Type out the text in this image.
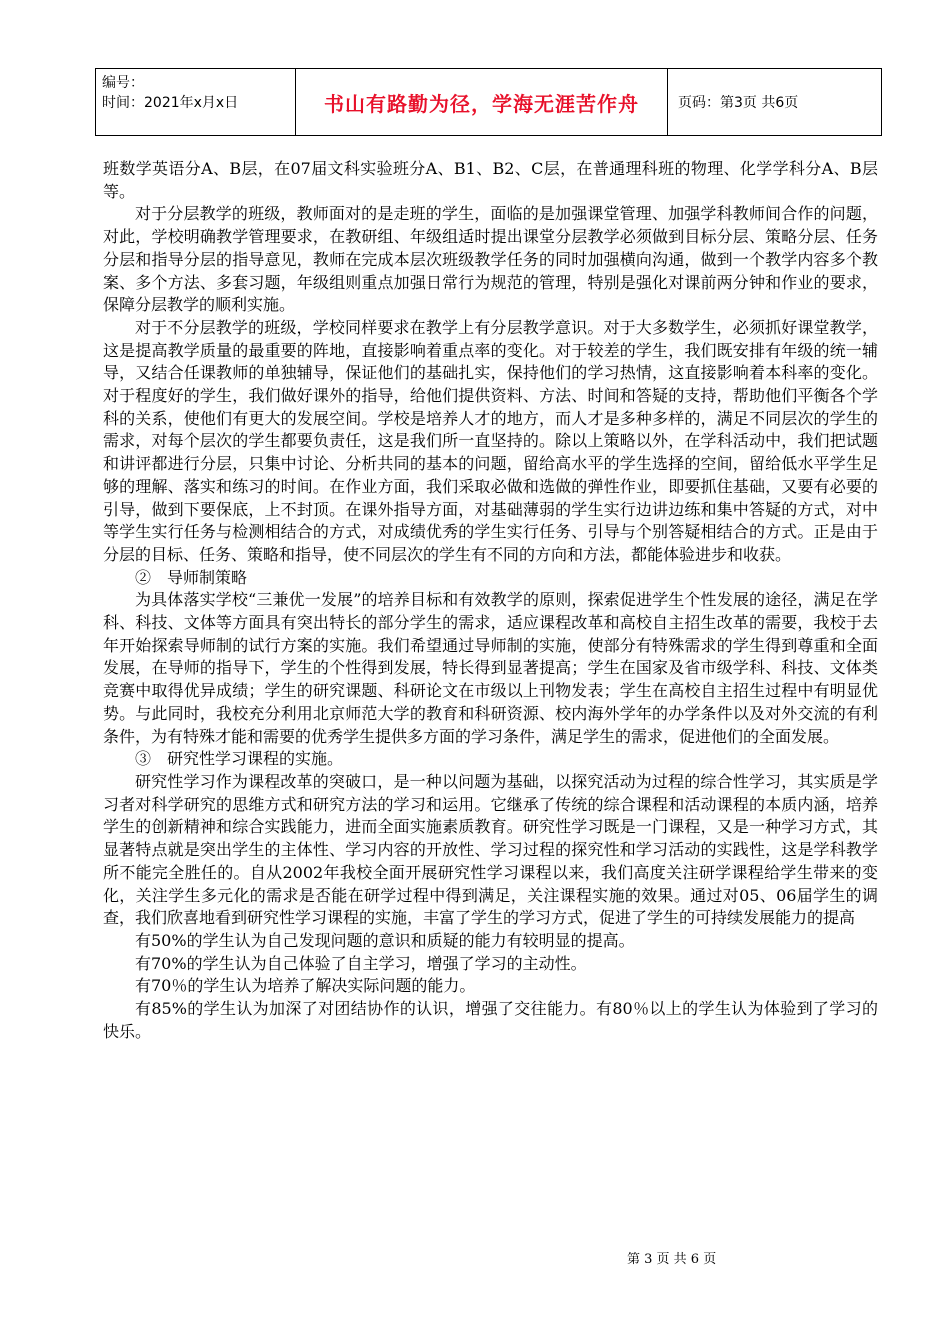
编号：
时间：2021年x月x日	书山有路勤为径，学海无涯苦作舟	页码：第3页 共6页

班数学英语分A、B层，在07届文科实验班分A、B1、B2、C层，在普通理科班的物理、化学学科分A、B层等。

对于分层教学的班级，教师面对的是走班的学生，面临的是加强课堂管理、加强学科教师间合作的问题，对此，学校明确教学管理要求，在教研组、年级组适时提出课堂分层教学必须做到目标分层、策略分层、任务分层和指导分层的指导意见，教师在完成本层次班级教学任务的同时加强横向沟通，做到一个教学内容多个教案、多个方法、多套习题，年级组则重点加强日常行为规范的管理，特别是强化对课前两分钟和作业的要求，保障分层教学的顺利实施。

对于不分层教学的班级，学校同样要求在教学上有分层教学意识。对于大多数学生，必须抓好课堂教学，这是提高教学质量的最重要的阵地，直接影响着重点率的变化。对于较差的学生，我们既安排有年级的统一辅导，又结合任课教师的单独辅导，保证他们的基础扎实，保持他们的学习热情，这直接影响着本科率的变化。对于程度好的学生，我们做好课外的指导，给他们提供资料、方法、时间和答疑的支持，帮助他们平衡各个学科的关系，使他们有更大的发展空间。学校是培养人才的地方，而人才是多种多样的，满足不同层次的学生的需求，对每个层次的学生都要负责任，这是我们所一直坚持的。除以上策略以外，在学科活动中，我们把试题和讲评都进行分层，只集中讨论、分析共同的基本的问题，留给高水平的学生选择的空间，留给低水平学生足够的理解、落实和练习的时间。在作业方面，我们采取必做和选做的弹性作业，即要抓住基础，又要有必要的引导，做到下要保底，上不封顶。在课外指导方面，对基础薄弱的学生实行边讲边练和集中答疑的方式，对中等学生实行任务与检测相结合的方式，对成绩优秀的学生实行任务、引导与个别答疑相结合的方式。正是由于分层的目标、任务、策略和指导，使不同层次的学生有不同的方向和方法，都能体验进步和收获。

②　导师制策略

为具体落实学校“三兼优一发展”的培养目标和有效教学的原则，探索促进学生个性发展的途径，满足在学科、科技、文体等方面具有突出特长的部分学生的需求，适应课程改革和高校自主招生改革的需要，我校于去年开始探索导师制的试行方案的实施。我们希望通过导师制的实施，使部分有特殊需求的学生得到尊重和全面发展，在导师的指导下，学生的个性得到发展，特长得到显著提高；学生在国家及省市级学科、科技、文体类竞赛中取得优异成绩；学生的研究课题、科研论文在市级以上刊物发表；学生在高校自主招生过程中有明显优势。与此同时，我校充分利用北京师范大学的教育和科研资源、校内海外学年的办学条件以及对外交流的有利条件，为有特殊才能和需要的优秀学生提供多方面的学习条件，满足学生的需求，促进他们的全面发展。

③　研究性学习课程的实施。

研究性学习作为课程改革的突破口，是一种以问题为基础，以探究活动为过程的综合性学习，其实质是学习者对科学研究的思维方式和研究方法的学习和运用。它继承了传统的综合课程和活动课程的本质内涵，培养学生的创新精神和综合实践能力，进而全面实施素质教育。研究性学习既是一门课程，又是一种学习方式，其显著特点就是突出学生的主体性、学习内容的开放性、学习过程的探究性和学习活动的实践性，这是学科教学所不能完全胜任的。自从2002年我校全面开展研究性学习课程以来，我们高度关注研学课程给学生带来的变化，关注学生多元化的需求是否能在研学过程中得到满足，关注课程实施的效果。通过对05、06届学生的调查，我们欣喜地看到研究性学习课程的实施，丰富了学生的学习方式，促进了学生的可持续发展能力的提高

有50%的学生认为自己发现问题的意识和质疑的能力有较明显的提高。

有70%的学生认为自己体验了自主学习，增强了学习的主动性。

有70％的学生认为培养了解决实际问题的能力。

有85%的学生认为加深了对团结协作的认识，增强了交往能力。有80％以上的学生认为体验到了学习的快乐。

第 3 页 共 6 页
